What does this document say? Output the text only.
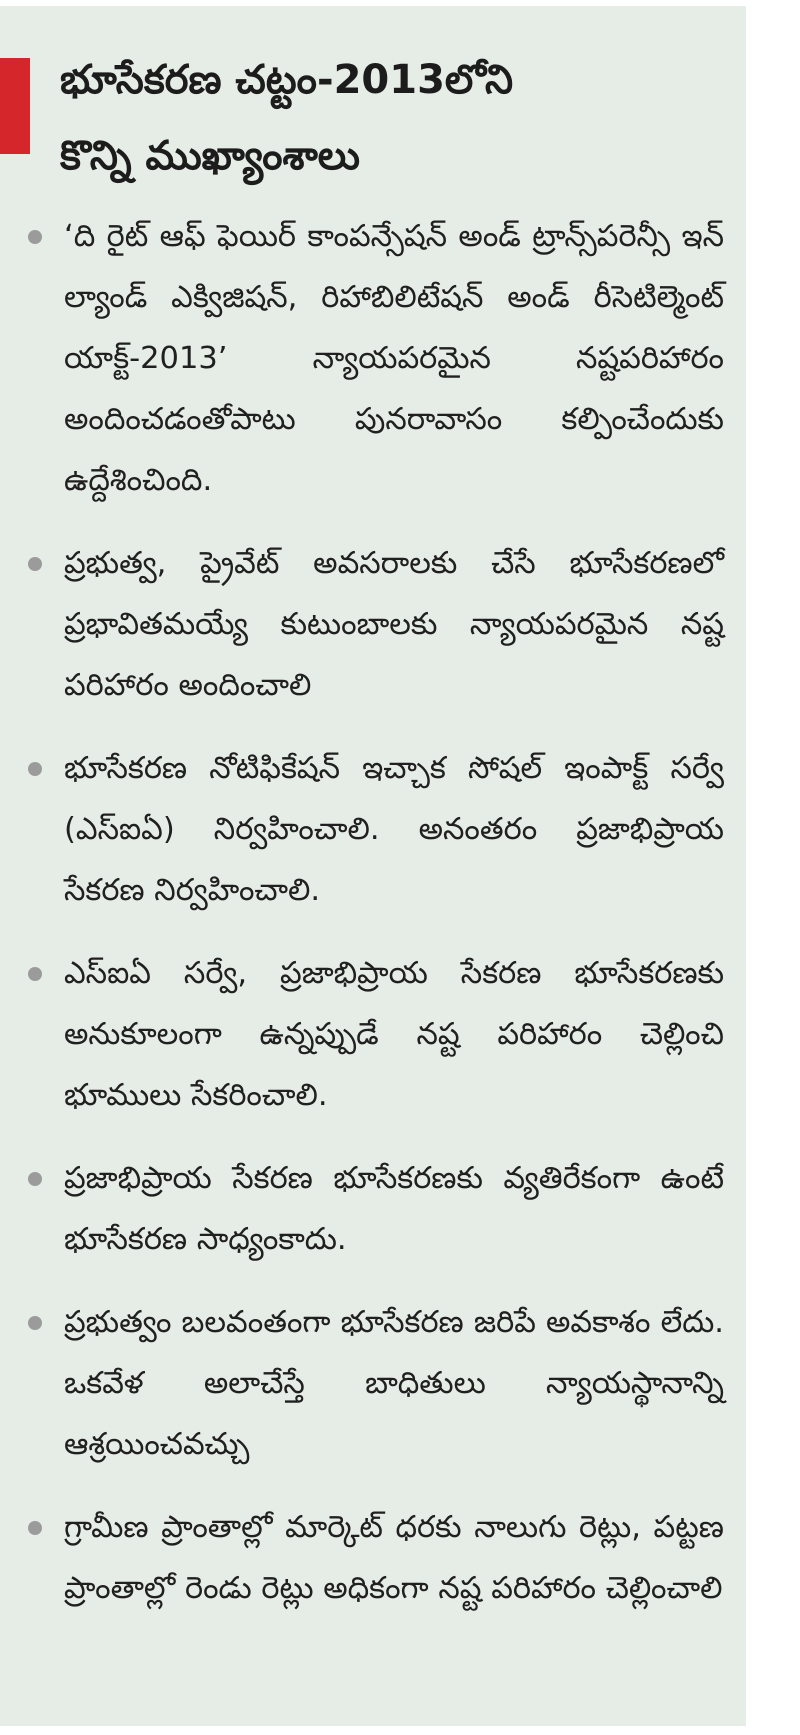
భూసేకరణ చట్టం-2013లోని
కొన్ని ముఖ్యాంశాలు
‘ది రైట్ ఆఫ్ ఫెయిర్ కాంపన్సేషన్ అండ్ ట్రాన్స్‌పరెన్సీ ఇన్ ల్యాండ్ ఎక్విజిషన్, రిహాబిలిటేషన్ అండ్ రీసెటిల్మెంట్ యాక్ట్-2013’ న్యాయపరమైన నష్టపరిహారం అందించడంతోపాటు పునరావాసం కల్పించేందుకు ఉద్దేశించింది.
ప్రభుత్వ, ప్రైవేట్ అవసరాలకు చేసే భూసేకరణలో ప్రభావితమయ్యే కుటుంబాలకు న్యాయపరమైన నష్ట పరిహారం అందించాలి
భూసేకరణ నోటిఫికేషన్ ఇచ్చాక సోషల్ ఇంపాక్ట్ సర్వే (ఎస్ఐఏ) నిర్వహించాలి. అనంతరం ప్రజాభిప్రాయ సేకరణ నిర్వహించాలి.
ఎస్ఐఏ సర్వే, ప్రజాభిప్రాయ సేకరణ భూసేకరణకు అనుకూలంగా ఉన్నప్పుడే నష్ట పరిహారం చెల్లించి భూములు సేకరించాలి.
ప్రజాభిప్రాయ సేకరణ భూసేకరణకు వ్యతిరేకంగా ఉంటే భూసేకరణ సాధ్యంకాదు.
ప్రభుత్వం బలవంతంగా భూసేకరణ జరిపే అవకాశం లేదు. ఒకవేళ అలాచేస్తే బాధితులు న్యాయస్థానాన్ని ఆశ్రయించవచ్చు
గ్రామీణ ప్రాంతాల్లో మార్కెట్ ధరకు నాలుగు రెట్లు, పట్టణ ప్రాంతాల్లో రెండు రెట్లు అధికంగా నష్ట పరిహారం చెల్లించాలి
